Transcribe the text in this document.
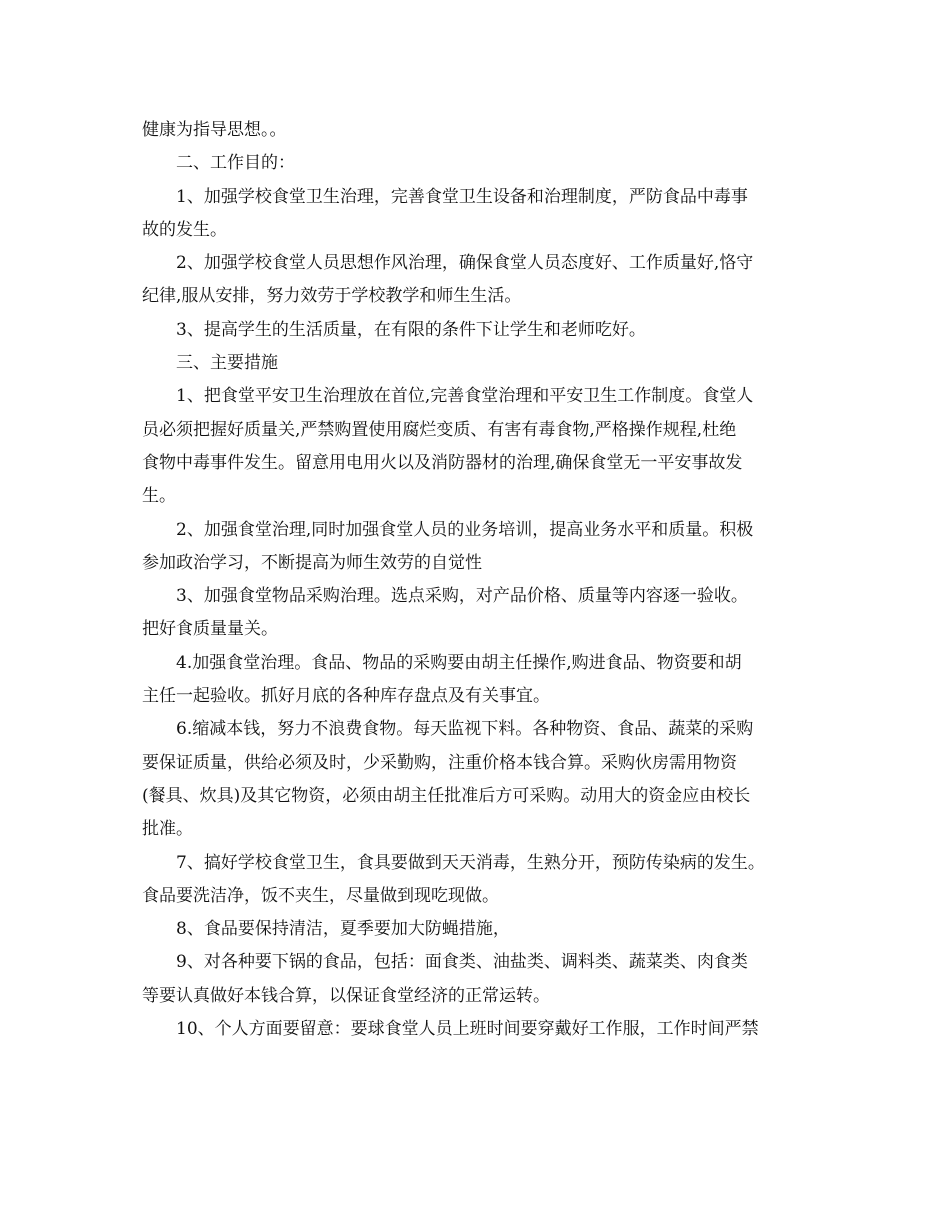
健康为指导思想。。
二、工作目的：
1、加强学校食堂卫生治理，完善食堂卫生设备和治理制度，严防食品中毒事
故的发生。
2、加强学校食堂人员思想作风治理，确保食堂人员态度好、工作质量好,恪守
纪律,服从安排，努力效劳于学校教学和师生生活。
3、提高学生的生活质量，在有限的条件下让学生和老师吃好。
三、主要措施
1、把食堂平安卫生治理放在首位,完善食堂治理和平安卫生工作制度。食堂人
员必须把握好质量关,严禁购置使用腐烂变质、有害有毒食物,严格操作规程,杜绝
食物中毒事件发生。留意用电用火以及消防器材的治理,确保食堂无一平安事故发
生。
2、加强食堂治理,同时加强食堂人员的业务培训，提高业务水平和质量。积极
参加政治学习，不断提高为师生效劳的自觉性
3、加强食堂物品采购治理。选点采购，对产品价格、质量等内容逐一验收。
把好食质量量关。
4.加强食堂治理。食品、物品的采购要由胡主任操作,购进食品、物资要和胡
主任一起验收。抓好月底的各种库存盘点及有关事宜。
6.缩减本钱，努力不浪费食物。每天监视下料。各种物资、食品、蔬菜的采购
要保证质量，供给必须及时，少采勤购，注重价格本钱合算。采购伙房需用物资
(餐具、炊具)及其它物资，必须由胡主任批准后方可采购。动用大的资金应由校长
批准。
7、搞好学校食堂卫生，食具要做到天天消毒，生熟分开，预防传染病的发生。
食品要洗洁净，饭不夹生，尽量做到现吃现做。
8、食品要保持清洁，夏季要加大防蝇措施，
9、对各种要下锅的食品，包括：面食类、油盐类、调料类、蔬菜类、肉食类
等要认真做好本钱合算，以保证食堂经济的正常运转。
10、个人方面要留意：要球食堂人员上班时间要穿戴好工作服，工作时间严禁
